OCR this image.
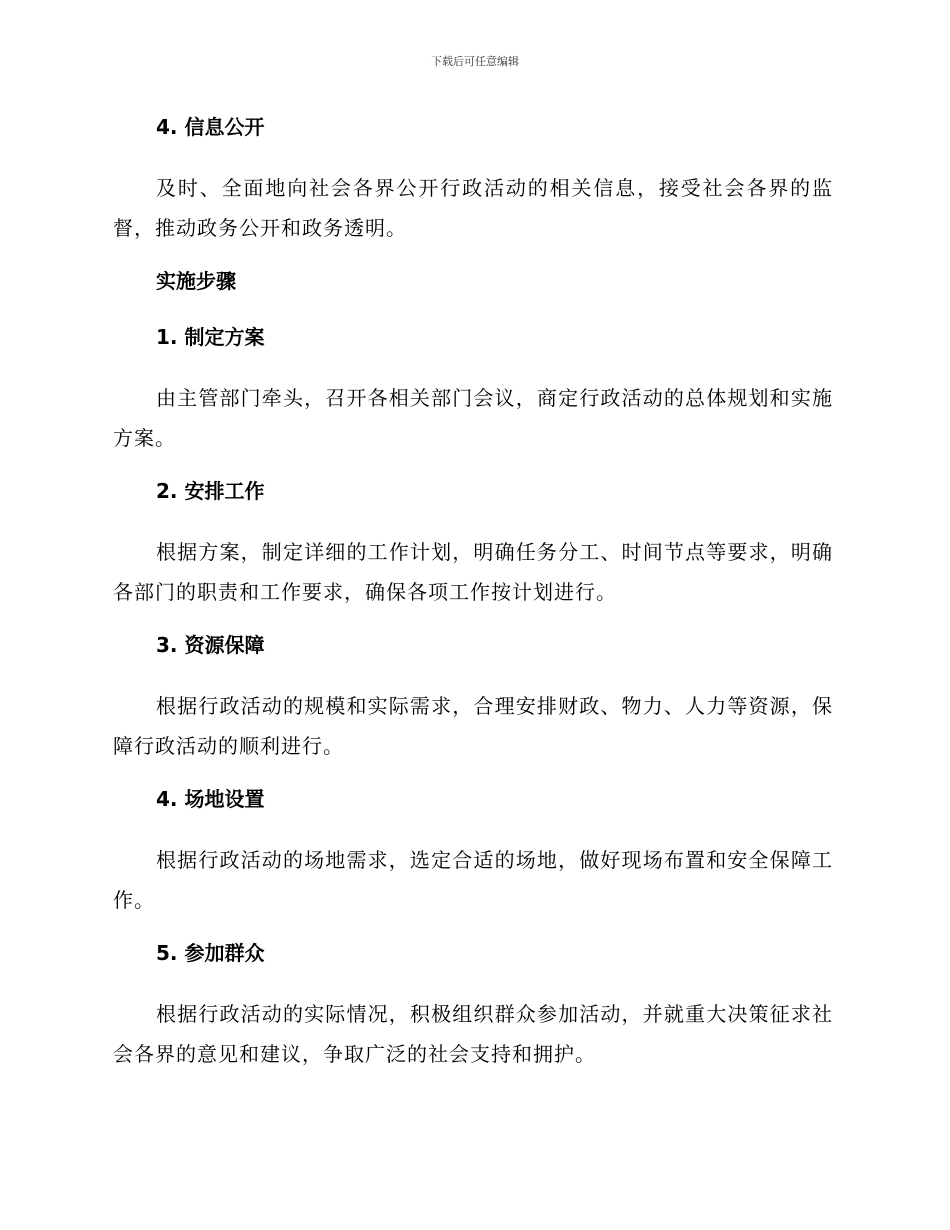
下载后可任意编辑
4. 信息公开

及时、全面地向社会各界公开行政活动的相关信息，接受社会各界的监督，推动政务公开和政务透明。

实施步骤
1. 制定方案

由主管部门牵头，召开各相关部门会议，商定行政活动的总体规划和实施方案。

2. 安排工作

根据方案，制定详细的工作计划，明确任务分工、时间节点等要求，明确各部门的职责和工作要求，确保各项工作按计划进行。

3. 资源保障

根据行政活动的规模和实际需求，合理安排财政、物力、人力等资源，保障行政活动的顺利进行。

4. 场地设置

根据行政活动的场地需求，选定合适的场地，做好现场布置和安全保障工作。

5. 参加群众

根据行政活动的实际情况，积极组织群众参加活动，并就重大决策征求社会各界的意见和建议，争取广泛的社会支持和拥护。
